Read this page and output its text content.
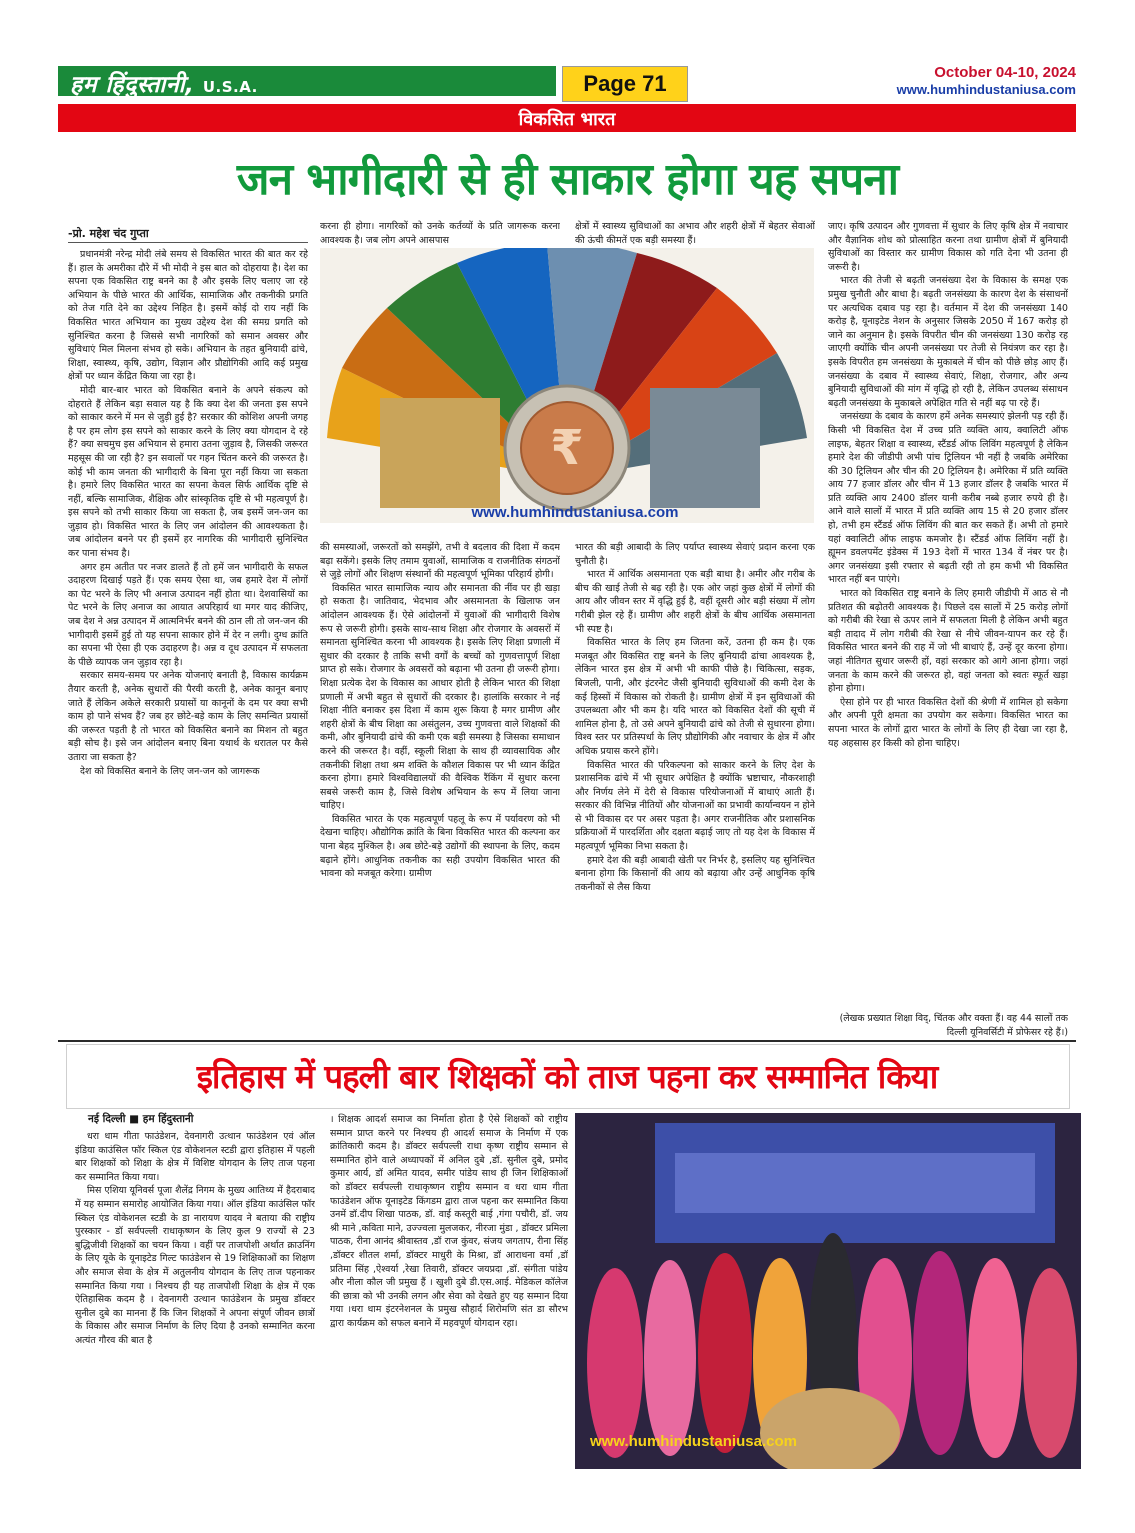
हम हिंदुस्तानी, U.S.A.	Page 71	October 04-10, 2024
www.humhindustaniusa.com
विकसित भारत
जन भागीदारी से ही साकार होगा यह सपना
-प्रो. महेश चंद गुप्ता

प्रधानमंत्री नरेन्द्र मोदी लंबे समय से विकसित भारत की बात कर रहे हैं। हाल के अमरीका दौरे में भी मोदी ने इस बात को दोहराया है। देश का सपना एक विकसित राष्ट्र बनने का है और इसके लिए चलाए जा रहे अभियान के पीछे भारत की आर्थिक, सामाजिक और तकनीकी प्रगति को तेज गति देने का उद्देश्य निहित है। इसमें कोई दो राय नहीं कि विकसित भारत अभियान का मुख्य उद्देश्य देश की समग्र प्रगति को सुनिश्चित करना है जिससे सभी नागरिकों को समान अवसर और सुविधाएं मिल मिलना संभव हो सके। अभियान के तहत बुनियादी ढांचे, शिक्षा, स्वास्थ्य, कृषि, उद्योग, विज्ञान और प्रौद्योगिकी आदि कई प्रमुख क्षेत्रों पर ध्यान केंद्रित किया जा रहा है।

मोदी बार-बार भारत को विकसित बनाने के अपने संकल्प को दोहराते हैं लेकिन बड़ा सवाल यह है कि क्या देश की जनता इस सपने को साकार करने में मन से जुड़ी हुई है? सरकार की कोशिश अपनी जगह है पर हम लोग इस सपने को साकार करने के लिए क्या योगदान दे रहे हैं? क्या सचमुच इस अभियान से हमारा उतना जुड़ाव है, जिसकी जरूरत महसूस की जा रही है? इन सवालों पर गहन चिंतन करने की जरूरत है। कोई भी काम जनता की भागीदारी के बिना पूरा नहीं किया जा सकता है। हमारे लिए विकसित भारत का सपना केवल सिर्फ आर्थिक दृष्टि से नहीं, बल्कि सामाजिक, शैक्षिक और सांस्कृतिक दृष्टि से भी महत्वपूर्ण है। इस सपने को तभी साकार किया जा सकता है, जब इसमें जन-जन का जुड़ाव हो। विकसित भारत के लिए जन आंदोलन की आवश्यकता है। जब आंदोलन बनने पर ही इसमें हर नागरिक की भागीदारी सुनिश्चित कर पाना संभव है।

अगर हम अतीत पर नजर डालते हैं तो हमें जन भागीदारी के सफल उदाहरण दिखाई पड़ते हैं। एक समय ऐसा था, जब हमारे देश में लोगों का पेट भरने के लिए भी अनाज उत्पादन नहीं होता था। देशवासियों का पेट भरने के लिए अनाज का आयात अपरिहार्य था मगर याद कीजिए, जब देश ने अन्न उत्पादन में आत्मनिर्भर बनने की ठान ली तो जन-जन की भागीदारी इसमें हुई तो यह सपना साकार होने में देर न लगी। दुग्ध क्रांति का सपना भी ऐसा ही एक उदाहरण है। अन्न व दूध उत्पादन में सफलता के पीछे व्यापक जन जुड़ाव रहा है।

सरकार समय-समय पर अनेक योजनाएं बनाती है, विकास कार्यक्रम तैयार करती है, अनेक सुधारों की पैरवी करती है, अनेक कानून बनाए जाते हैं लेकिन अकेले सरकारी प्रयासों या कानूनों के दम पर क्या सभी काम हो पाने संभव हैं? जब हर छोटे-बड़े काम के लिए समन्वित प्रयासों की जरूरत पड़ती है तो भारत को विकसित बनाने का मिशन तो बहुत बड़ी सोच है। इसे जन आंदोलन बनाए बिना यथार्थ के धरातल पर कैसे उतारा जा सकता है?

देश को विकसित बनाने के लिए जन-जन को जागरूक

करना ही होगा। नागरिकों को उनके कर्तव्यों के प्रति जागरूक करना आवश्यक है। जब लोग अपने आसपास

क्षेत्रों में स्वास्थ्य सुविधाओं का अभाव और शहरी क्षेत्रों में बेहतर सेवाओं की ऊंची कीमतें एक बड़ी समस्या हैं।

₹
www.humhindustaniusa.com

की समस्याओं, जरूरतों को समझेंगे, तभी वे बदलाव की दिशा में कदम बढ़ा सकेंगे। इसके लिए तमाम युवाओं, सामाजिक व राजनीतिक संगठनों से जुड़े लोगों और शिक्षण संस्थानों की महत्वपूर्ण भूमिका परिहार्य होगी।

विकसित भारत सामाजिक न्याय और समानता की नींव पर ही खड़ा हो सकता है। जातिवाद, भेदभाव और असमानता के खिलाफ जन आंदोलन आवश्यक हैं। ऐसे आंदोलनों में युवाओं की भागीदारी विशेष रूप से जरूरी होगी। इसके साथ-साथ शिक्षा और रोजगार के अवसरों में समानता सुनिश्चित करना भी आवश्यक है। इसके लिए शिक्षा प्रणाली में सुधार की दरकार है ताकि सभी वर्गों के बच्चों को गुणवत्तापूर्ण शिक्षा प्राप्त हो सके। रोजगार के अवसरों को बढ़ाना भी उतना ही जरूरी होगा। शिक्षा प्रत्येक देश के विकास का आधार होती है लेकिन भारत की शिक्षा प्रणाली में अभी बहुत से सुधारों की दरकार है। हालांकि सरकार ने नई शिक्षा नीति बनाकर इस दिशा में काम शुरू किया है मगर ग्रामीण और शहरी क्षेत्रों के बीच शिक्षा का असंतुलन, उच्च गुणवत्ता वाले शिक्षकों की कमी, और बुनियादी ढांचे की कमी एक बड़ी समस्या है जिसका समाधान करने की जरूरत है। वहीं, स्कूली शिक्षा के साथ ही व्यावसायिक और तकनीकी शिक्षा तथा श्रम शक्ति के कौशल विकास पर भी ध्यान केंद्रित करना होगा। हमारे विश्वविद्यालयों की वैश्विक रैंकिंग में सुधार करना सबसे जरूरी काम है, जिसे विशेष अभियान के रूप में लिया जाना चाहिए।

विकसित भारत के एक महत्वपूर्ण पहलू के रूप में पर्यावरण को भी देखना चाहिए। औद्योगिक क्रांति के बिना विकसित भारत की कल्पना कर पाना बेहद मुश्किल है। अब छोटे-बड़े उद्योगों की स्थापना के लिए, कदम बढ़ाने होंगे। आधुनिक तकनीक का सही उपयोग विकसित भारत की भावना को मजबूत करेगा। ग्रामीण

भारत की बड़ी आबादी के लिए पर्याप्त स्वास्थ्य सेवाएं प्रदान करना एक चुनौती है।

भारत में आर्थिक असमानता एक बड़ी बाधा है। अमीर और गरीब के बीच की खाई तेजी से बढ़ रही है। एक ओर जहां कुछ क्षेत्रों में लोगों की आय और जीवन स्तर में वृद्धि हुई है, वहीं दूसरी ओर बड़ी संख्या में लोग गरीबी झेल रहे हैं। ग्रामीण और शहरी क्षेत्रों के बीच आर्थिक असमानता भी स्पष्ट है।

विकसित भारत के लिए हम जितना करें, उतना ही कम है। एक मजबूत और विकसित राष्ट्र बनने के लिए बुनियादी ढांचा आवश्यक है, लेकिन भारत इस क्षेत्र में अभी भी काफी पीछे है। चिकित्सा, सड़क, बिजली, पानी, और इंटरनेट जैसी बुनियादी सुविधाओं की कमी देश के कई हिस्सों में विकास को रोकती है। ग्रामीण क्षेत्रों में इन सुविधाओं की उपलब्धता और भी कम है। यदि भारत को विकसित देशों की सूची में शामिल होना है, तो उसे अपने बुनियादी ढांचे को तेजी से सुधारना होगा। विश्व स्तर पर प्रतिस्पर्धा के लिए प्रौद्योगिकी और नवाचार के क्षेत्र में और अधिक प्रयास करने होंगे।

विकसित भारत की परिकल्पना को साकार करने के लिए देश के प्रशासनिक ढांचे में भी सुधार अपेक्षित है क्योंकि भ्रष्टाचार, नौकरशाही और निर्णय लेने में देरी से विकास परियोजनाओं में बाधाएं आती हैं। सरकार की विभिन्न नीतियों और योजनाओं का प्रभावी कार्यान्वयन न होने से भी विकास दर पर असर पड़ता है। अगर राजनीतिक और प्रशासनिक प्रक्रियाओं में पारदर्शिता और दक्षता बढ़ाई जाए तो यह देश के विकास में महत्वपूर्ण भूमिका निभा सकता है।

हमारे देश की बड़ी आबादी खेती पर निर्भर है, इसलिए यह सुनिश्चित बनाना होगा कि किसानों की आय को बढ़ाया और उन्हें आधुनिक कृषि तकनीकों से लैस किया

जाए। कृषि उत्पादन और गुणवत्ता में सुधार के लिए कृषि क्षेत्र में नवाचार और वैज्ञानिक शोध को प्रोत्साहित करना तथा ग्रामीण क्षेत्रों में बुनियादी सुविधाओं का विस्तार कर ग्रामीण विकास को गति देना भी उतना ही जरूरी है।

भारत की तेजी से बढ़ती जनसंख्या देश के विकास के समक्ष एक प्रमुख चुनौती और बाधा है। बढ़ती जनसंख्या के कारण देश के संसाधनों पर अत्यधिक दबाव पड़ रहा है। वर्तमान में देश की जनसंख्या 140 करोड़ है, यूनाइटेड नेशन के अनुसार जिसके 2050 में 167 करोड़ हो जाने का अनुमान है। इसके विपरीत चीन की जनसंख्या 130 करोड़ रह जाएगी क्योंकि चीन अपनी जनसंख्या पर तेजी से नियंत्रण कर रहा है। इसके विपरीत हम जनसंख्या के मुकाबले में चीन को पीछे छोड़ आए हैं। जनसंख्या के दबाव में स्वास्थ्य सेवाएं, शिक्षा, रोजगार, और अन्य बुनियादी सुविधाओं की मांग में वृद्धि हो रही है, लेकिन उपलब्ध संसाधन बढ़ती जनसंख्या के मुकाबले अपेक्षित गति से नहीं बढ़ पा रहे हैं।

जनसंख्या के दबाव के कारण हमें अनेक समस्याएं झेलनी पड़ रही हैं। किसी भी विकसित देश में उच्च प्रति व्यक्ति आय, क्वालिटी ऑफ लाइफ, बेहतर शिक्षा व स्वास्थ्य, स्टैंडर्ड ऑफ लिविंग महत्वपूर्ण है लेकिन हमारे देश की जीडीपी अभी पांच ट्रिलियन भी नहीं है जबकि अमेरिका की 30 ट्रिलियन और चीन की 20 ट्रिलियन है। अमेरिका में प्रति व्यक्ति आय 77 हजार डॉलर और चीन में 13 हजार डॉलर है जबकि भारत में प्रति व्यक्ति आय 2400 डॉलर यानी करीब नब्बे हजार रुपये ही है। आने वाले सालों में भारत में प्रति व्यक्ति आय 15 से 20 हजार डॉलर हो, तभी हम स्टैंडर्ड ऑफ लिविंग की बात कर सकते हैं। अभी तो हमारे यहां क्वालिटी ऑफ लाइफ कमजोर है। स्टैंडर्ड ऑफ लिविंग नहीं है। ह्यूमन डवलपमेंट इंडेक्स में 193 देशों में भारत 134 वें नंबर पर है। अगर जनसंख्या इसी रफ्तार से बढ़ती रही तो हम कभी भी विकसित भारत नहीं बन पाएंगे।

भारत को विकसित राष्ट्र बनाने के लिए हमारी जीडीपी में आठ से नौ प्रतिशत की बढ़ोतरी आवश्यक है। पिछले दस सालों में 25 करोड़ लोगों को गरीबी की रेखा से ऊपर लाने में सफलता मिली है लेकिन अभी बहुत बड़ी तादाद में लोग गरीबी की रेखा से नीचे जीवन-यापन कर रहे हैं। विकसित भारत बनने की राह में जो भी बाधाएं हैं, उन्हें दूर करना होगा। जहां नीतिगत सुधार जरूरी हों, वहां सरकार को आगे आना होगा। जहां जनता के काम करने की जरूरत हो, वहां जनता को स्वतः स्फूर्त खड़ा होना होगा।

ऐसा होने पर ही भारत विकसित देशों की श्रेणी में शामिल हो सकेगा और अपनी पूरी क्षमता का उपयोग कर सकेगा। विकसित भारत का सपना भारत के लोगों द्वारा भारत के लोगों के लिए ही देखा जा रहा है, यह अहसास हर किसी को होना चाहिए।

(लेखक प्रख्यात शिक्षा विद्, चिंतक और वक्ता हैं। वह 44 सालों तक दिल्ली यूनिवर्सिटी में प्रोफेसर रहे हैं।)

इतिहास में पहली बार शिक्षकों को ताज पहना कर सम्मानित किया
नई दिल्ली ■ हम हिंदुस्तानी

धरा धाम गीता फाउंडेशन, देवनागरी उत्थान फाउंडेशन एवं ऑल इंडिया काउंसिल फॉर स्किल एंड वोकेशनल स्टडी द्वारा इतिहास में पहली बार शिक्षकों को शिक्षा के क्षेत्र में विशिष्ट योगदान के लिए ताज पहना कर सम्मानित किया गया।

मिस एशिया यूनिवर्स पूजा शैलेंद्र निगम के मुख्य आतिथ्य में हैदराबाद में यह सम्मान समारोह आयोजित किया गया। ऑल इंडिया काउंसिल फॉर स्किल एंड वोकेशनल स्टडी के डा नारायण यादव ने बताया की राष्ट्रीय पुरस्कार - डॉ सर्वपल्ली राधाकृष्णन के लिए कुल 9 राज्यों से 23 बुद्धिजीवी शिक्षकों का चयन किया । वहीं पर ताजपोशी अर्थात क्राउनिंग के लिए यूके के यूनाइटेड गिल्ट फाउंडेशन से 19 शिक्षिकाओं का शिक्षण और समाज सेवा के क्षेत्र में अतुलनीय योगदान के लिए ताज पहनाकर सम्मानित किया गया । निश्चय ही यह ताजपोशी शिक्षा के क्षेत्र में एक ऐतिहासिक कदम है । देवनागरी उत्थान फाउंडेशन के प्रमुख डॉक्टर सुनील दुबे का मानना हैं कि जिन शिक्षकों ने अपना संपूर्ण जीवन छात्रों के विकास और समाज निर्माण के लिए दिया है उनको सम्मानित करना अत्यंत गौरव की बात है

। शिक्षक आदर्श समाज का निर्माता होता है ऐसे शिक्षकों को राष्ट्रीय सम्मान प्राप्त करने पर निश्चय ही आदर्श समाज के निर्माण में एक क्रांतिकारी कदम है। डॉक्टर सर्वपल्ली राधा कृष्ण राष्ट्रीय सम्मान से सम्मानित होने वाले अध्यापकों में अनिल दुबे ,डॉ. सुनील दुबे, प्रमोद कुमार आर्य, डॉ अमित यादव, समीर पांडेय साथ ही जिन शिक्षिकाओं को डॉक्टर सर्वपल्ली राधाकृष्णन राष्ट्रीय सम्मान व धरा धाम गीता फाउंडेशन ऑफ यूनाइटेड किंगडम द्वारा ताज पहना कर सम्मानित किया उनमें डॉ.दीप शिखा पाठक, डॉ. वाई कस्तूरी बाई ,गंगा पचौरी, डॉ. जय श्री माने ,कविता माने, उज्ज्वला मुलजकर, नीरजा मुंडा , डॉक्टर प्रमिला पाठक, रीना आनंद श्रीवास्तव ,डॉ राज कुंवर, संजय जगताप, रीना सिंह ,डॉक्टर शीतल शर्मा, डॉक्टर माधुरी के मिश्रा, डॉ आराधना वर्मा ,डॉ प्रतिमा सिंह ,ऐश्वर्या ,रेखा तिवारी, डॉक्टर जयप्रदा ,डॉ. संगीता पांडेय और नीला कौल जी प्रमुख हैं । खुशी दुबे डी.एस.आई. मेडिकल कॉलेज की छात्रा को भी उनकी लगन और सेवा को देखते हुए यह सम्मान दिया गया ।धरा धाम इंटरनेशनल के प्रमुख सौहार्द शिरोमणि संत डा सौरभ द्वारा कार्यक्रम को सफल बनाने में महवपूर्ण योगदान रहा।

www.humhindustaniusa.com
